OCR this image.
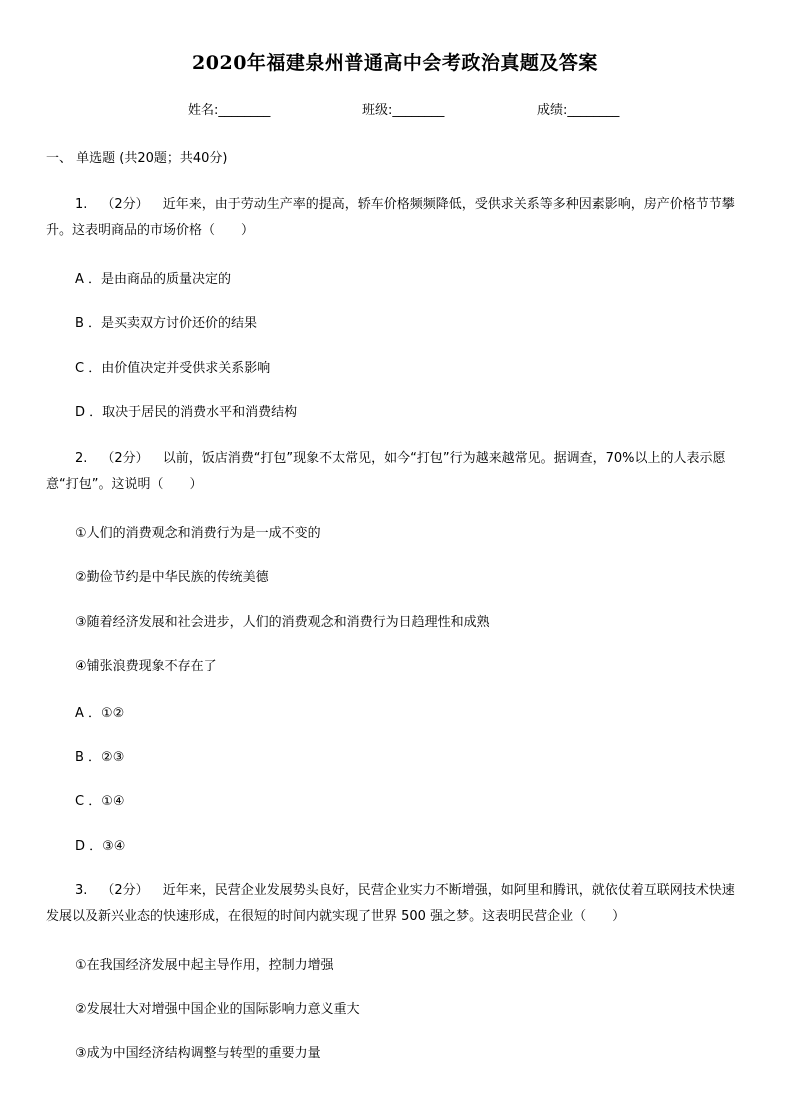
2020年福建泉州普通高中会考政治真题及答案
姓名:________	班级:________	成绩:________
一、 单选题 (共20题；共40分)
1. （2分） 近年来，由于劳动生产率的提高，轿车价格频频降低，受供求关系等多种因素影响，房产价格节节攀升。这表明商品的市场价格（　　）
A ．是由商品的质量决定的
B ．是买卖双方讨价还价的结果
C ．由价值决定并受供求关系影响
D ．取决于居民的消费水平和消费结构
2. （2分） 以前，饭店消费“打包”现象不太常见，如今“打包”行为越来越常见。据调查，70%以上的人表示愿意“打包”。这说明（　　）
①人们的消费观念和消费行为是一成不变的
②勤俭节约是中华民族的传统美德
③随着经济发展和社会进步，人们的消费观念和消费行为日趋理性和成熟
④铺张浪费现象不存在了
A ．①②
B ．②③
C ．①④
D ．③④
3. （2分） 近年来，民营企业发展势头良好，民营企业实力不断增强，如阿里和腾讯，就依仗着互联网技术快速发展以及新兴业态的快速形成，在很短的时间内就实现了世界 500 强之梦。这表明民营企业（　　）
①在我国经济发展中起主导作用，控制力增强
②发展壮大对增强中国企业的国际影响力意义重大
③成为中国经济结构调整与转型的重要力量
